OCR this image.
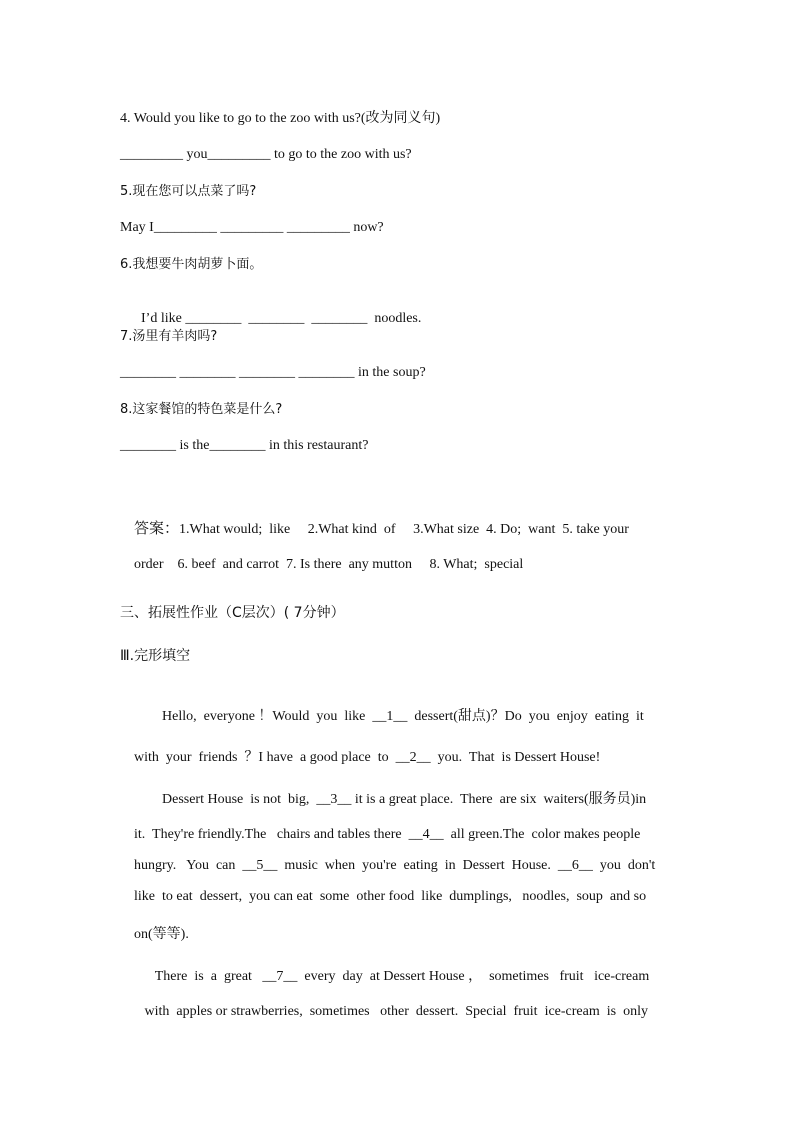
4. Would you like to go to the zoo with us?(改为同义句)
_________ you_________ to go to the zoo with us?
5.现在您可以点菜了吗?
May I_________ _________ _________ now?
6.我想要牛肉胡萝卜面。

I’d like ________  ________  ________  noodles.

7.汤里有羊肉吗?
________ ________ ________ ________ in the soup?
8.这家餐馆的特色菜是什么?
________ is the________ in this restaurant?

答案：1.What would;  like     2.What kind  of     3.What size  4. Do;  want  5. take your

order    6. beef  and carrot  7. Is there  any mutton     8. What;  special

三、拓展性作业（C层次）( 7分钟）
Ⅲ.完形填空

Hello,  everyone ！Would  you  like  __1__  dessert(甜点)？Do  you  enjoy  eating  it

with  your  friends  ？I have  a good place  to  __2__  you.  That  is Dessert House!

Dessert House  is not  big,  __3__ it is a great place.  There  are six  waiters(服务员)in

it.  They're friendly.The   chairs and tables there  __4__  all green.The  color makes people

hungry.   You  can  __5__  music  when  you're  eating  in  Dessert  House.  __6__  you  don't

like  to eat  dessert,  you can eat  some  other food  like  dumplings,   noodles,  soup  and so

on(等等).

There  is  a  great   __7__  every  day  at Dessert House ，  sometimes   fruit   ice-cream

with  apples or strawberries,  sometimes   other  dessert.  Special  fruit  ice-cream  is  only
